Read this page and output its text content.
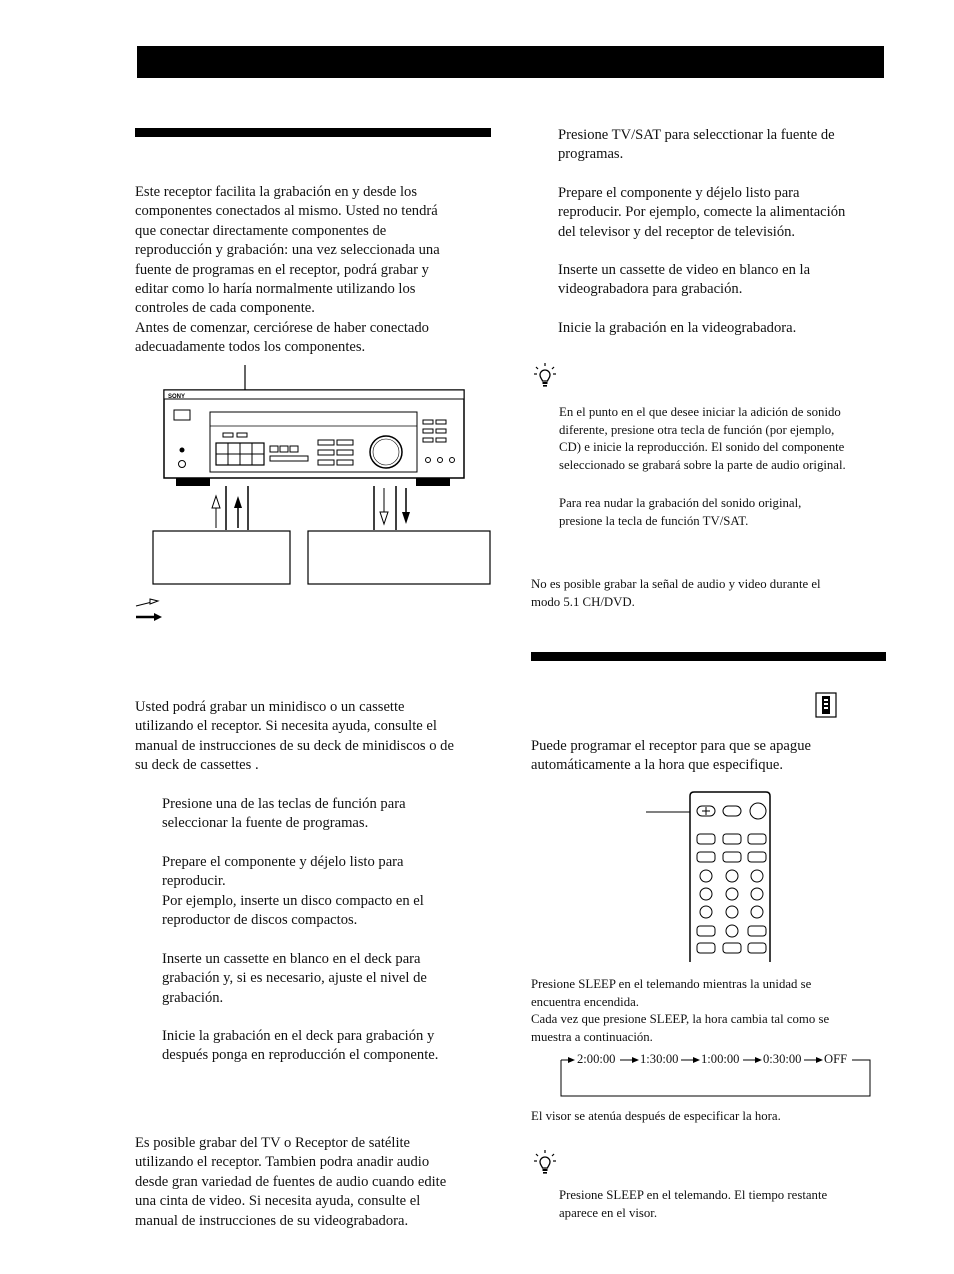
Este receptor facilita la grabación en y desde los
componentes conectados al mismo. Usted no tendrá
que conectar directamente componentes de
reproducción y grabación: una vez seleccionada una
fuente de programas en el receptor, podrá grabar y
editar como lo haría normalmente utilizando los
controles de cada componente.
Antes de comenzar, cerciórese de haber conectado
adecuadamente todos los componentes.
SONY
Usted podrá grabar un minidisco o un cassette
utilizando el receptor. Si necesita ayuda, consulte el
manual de instrucciones de su deck de minidiscos o de
su deck de cassettes .
Presione una de las teclas de función para
seleccionar la fuente de programas.
Prepare el componente y déjelo listo para
reproducir.
Por ejemplo, inserte un disco compacto en el
reproductor de discos compactos.
Inserte un cassette en blanco en el deck para
grabación y, si es necesario, ajuste el nivel de
grabación.
Inicie la grabación en el deck para grabación y
después ponga en reproducción el componente.
Es posible grabar del TV o Receptor de satélite
utilizando el receptor. Tambien podra anadir audio
desde gran variedad de fuentes de audio cuando edite
una cinta de video. Si necesita ayuda, consulte el
manual de instrucciones de su videograbadora.
Presione TV/SAT para selecctionar la fuente de
programas.
Prepare el componente y déjelo listo para
reproducir. Por ejemplo, comecte la alimentación
del televisor y del receptor de televisión.
Inserte un cassette de video en blanco en la
videograbadora para grabación.
Inicie la grabación en la videograbadora.
En el punto en el que desee iniciar la adición de sonido
diferente, presione otra tecla de función (por ejemplo,
CD) e inicie la reproducción. El sonido del componente
seleccionado se grabará sobre la parte de audio original.
Para rea nudar la grabación del sonido original,
presione la tecla de función TV/SAT.
No es posible grabar la señal de audio y video durante el
modo 5.1 CH/DVD.
Puede programar el receptor para que se apague
automáticamente a la hora que especifique.
Presione SLEEP en el telemando mientras la unidad se
encuentra encendida.
Cada vez que presione SLEEP, la hora cambia tal como se
muestra a continuación.
2:00:00 1:30:00 1:00:00 0:30:00 OFF
El visor se atenúa después de especificar la hora.
Presione SLEEP en el telemando. El tiempo restante
aparece en el visor.
